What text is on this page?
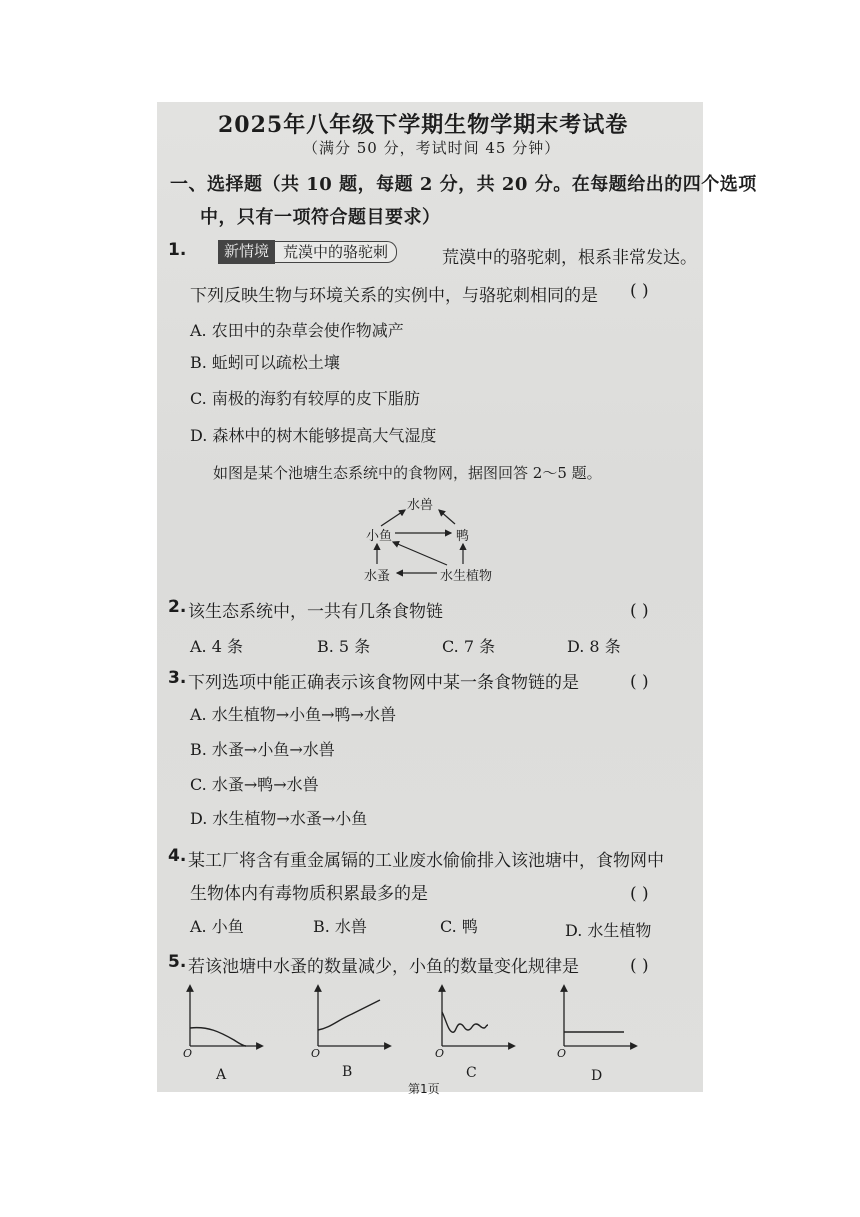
2025年八年级下学期生物学期末考试卷
（满分 50 分，考试时间 45 分钟）
一、选择题（共 10 题，每题 2 分，共 20 分。在每题给出的四个选项
中，只有一项符合题目要求）
1.	新情境 荒漠中的骆驼刺	荒漠中的骆驼刺，根系非常发达。
下列反映生物与环境关系的实例中，与骆驼刺相同的是 ( )
A. 农田中的杂草会使作物减产
B. 蚯蚓可以疏松土壤
C. 南极的海豹有较厚的皮下脂肪
D. 森林中的树木能够提高大气湿度
如图是某个池塘生态系统中的食物网，据图回答 2～5 题。
水兽
小鱼	鸭
水蚤	水生植物
2. 该生态系统中，一共有几条食物链	( )
A. 4 条	B. 5 条	C. 7 条	D. 8 条
3. 下列选项中能正确表示该食物网中某一条食物链的是	( )
A. 水生植物→小鱼→鸭→水兽
B. 水蚤→小鱼→水兽
C. 水蚤→鸭→水兽
D. 水生植物→水蚤→小鱼
4. 某工厂将含有重金属镉的工业废水偷偷排入该池塘中，食物网中
生物体内有毒物质积累最多的是	( )
A. 小鱼	B. 水兽	C. 鸭	D. 水生植物
5. 若该池塘中水蚤的数量减少，小鱼的数量变化规律是	( )
O	O	O	O
A	B	C	D
第1页
